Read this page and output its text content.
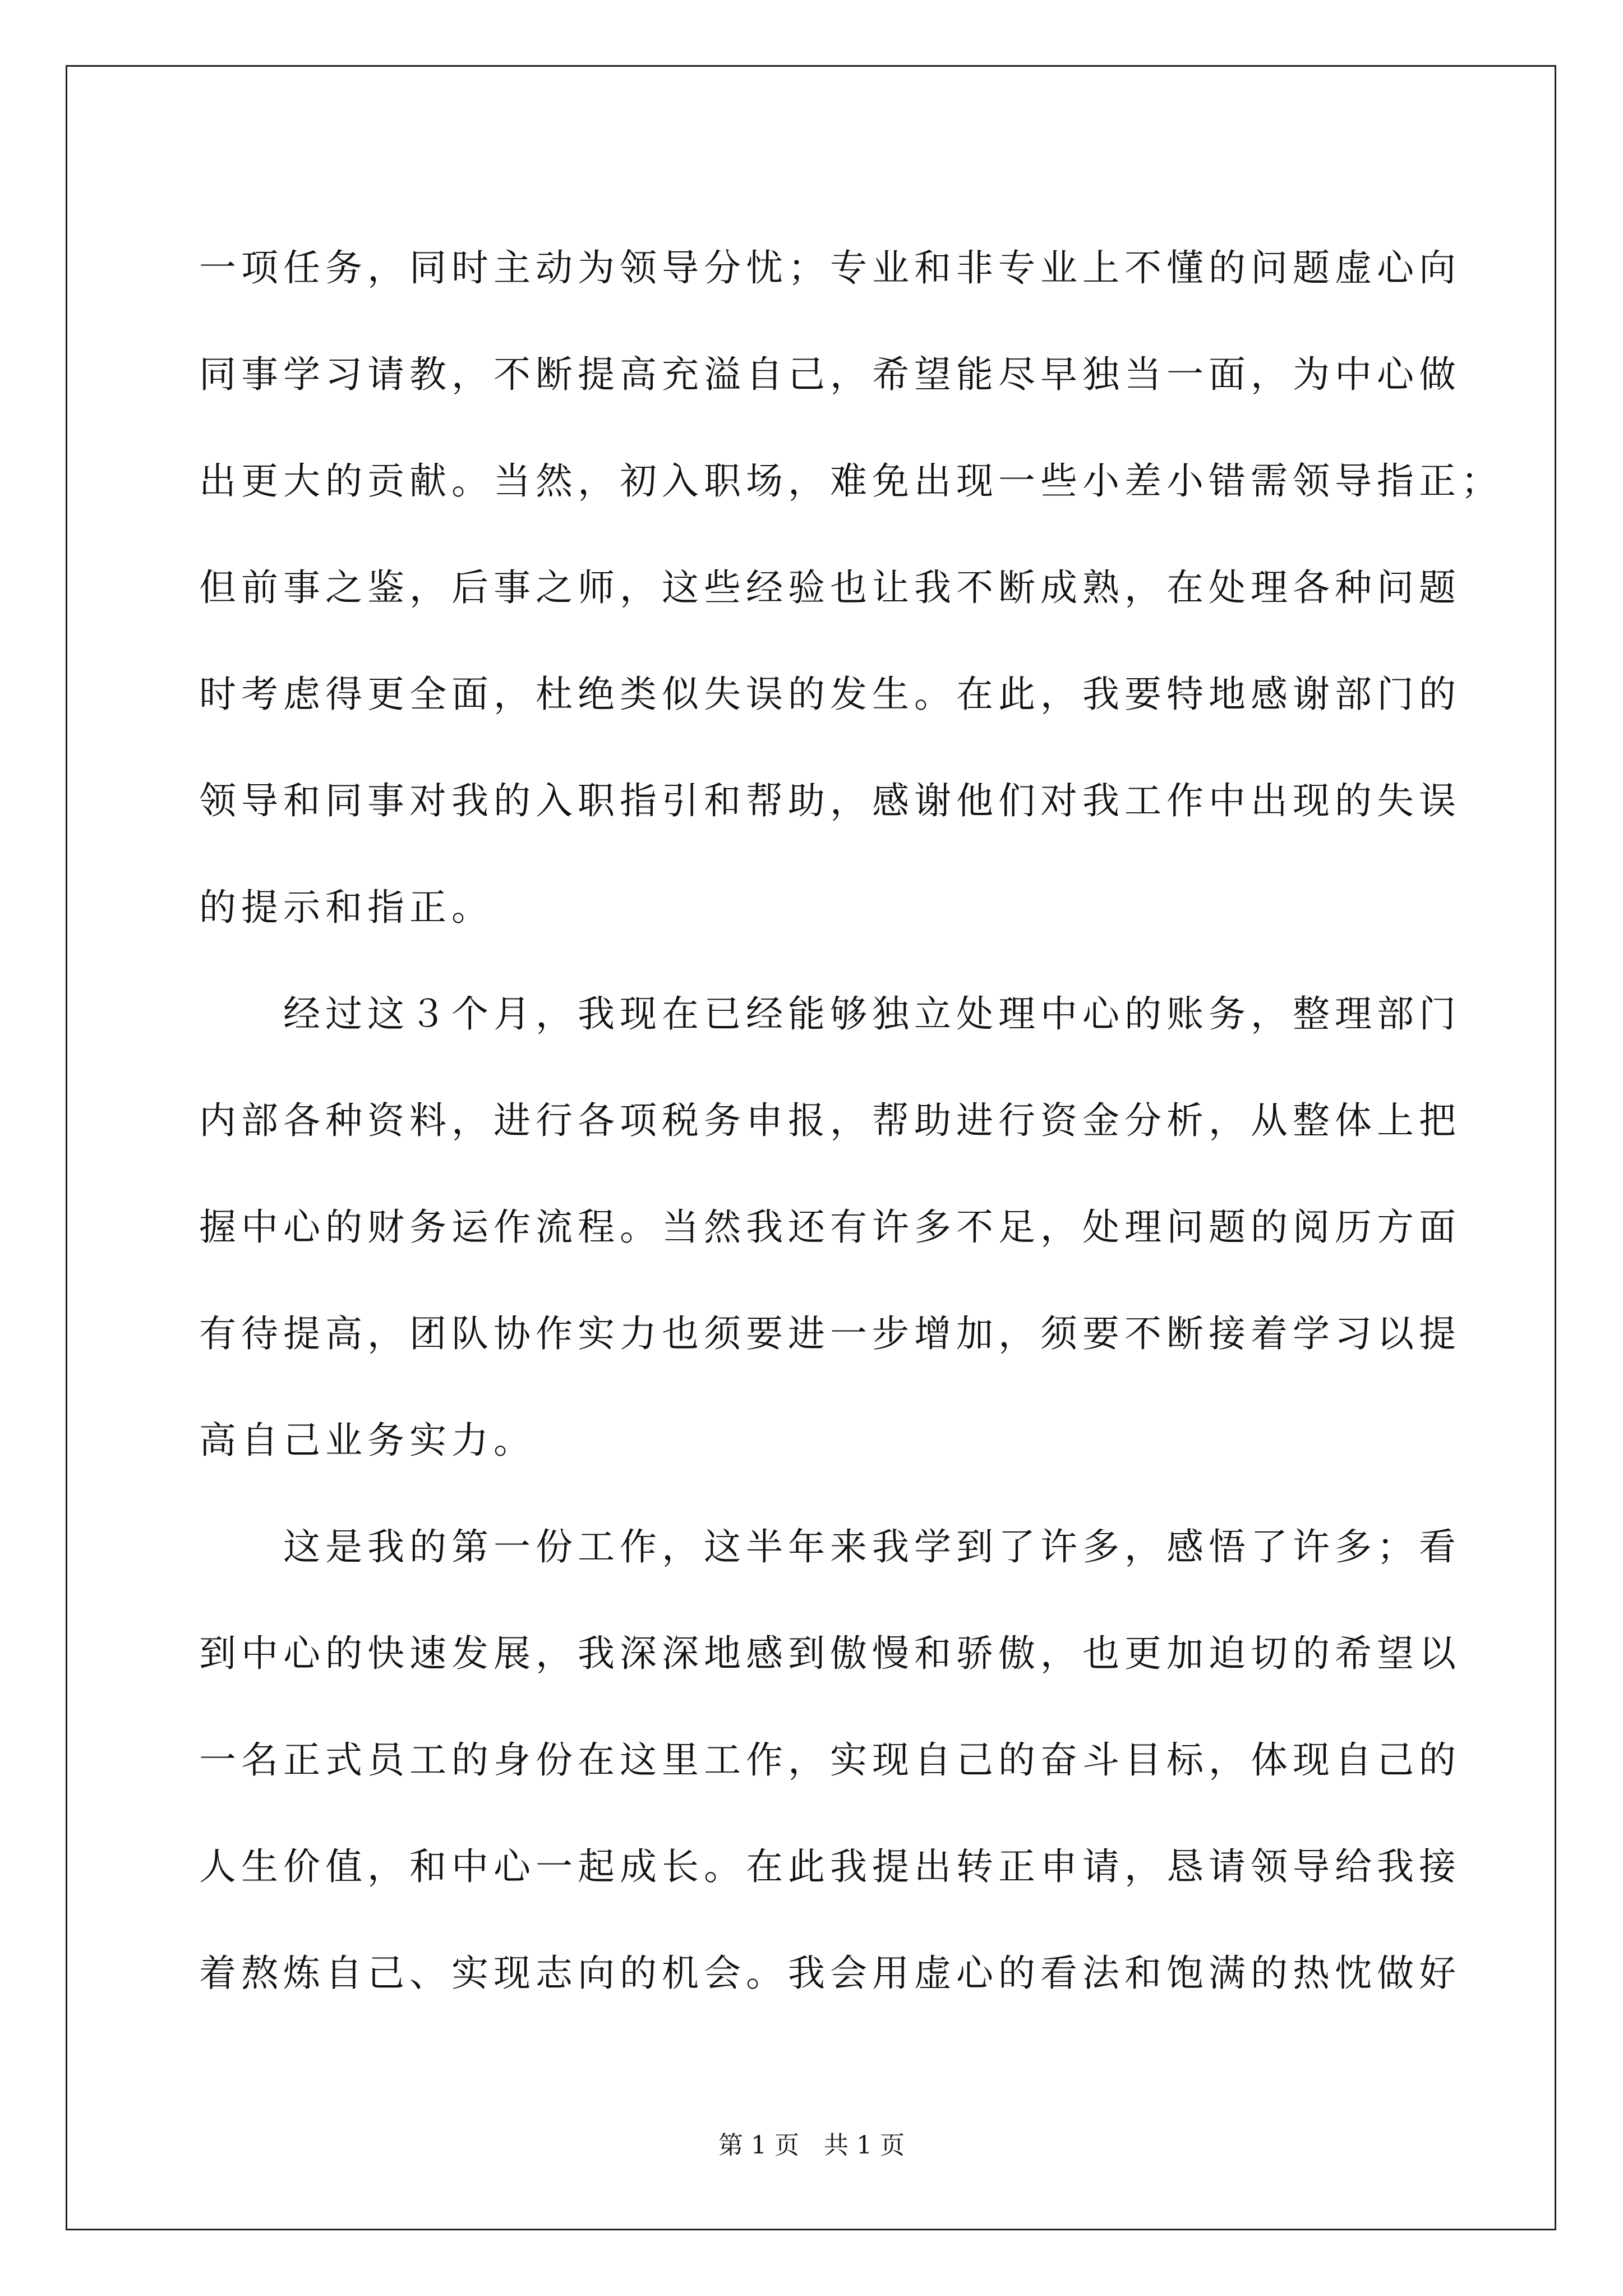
一项任务，同时主动为领导分忧；专业和非专业上不懂的问题虚心向
同事学习请教，不断提高充溢自己，希望能尽早独当一面，为中心做
出更大的贡献。当然，初入职场，难免出现一些小差小错需领导指正；
但前事之鉴，后事之师，这些经验也让我不断成熟，在处理各种问题
时考虑得更全面，杜绝类似失误的发生。在此，我要特地感谢部门的
领导和同事对我的入职指引和帮助，感谢他们对我工作中出现的失误
的提示和指正。
　　经过这３个月，我现在已经能够独立处理中心的账务，整理部门
内部各种资料，进行各项税务申报，帮助进行资金分析，从整体上把
握中心的财务运作流程。当然我还有许多不足，处理问题的阅历方面
有待提高，团队协作实力也须要进一步增加，须要不断接着学习以提
高自己业务实力。
　　这是我的第一份工作，这半年来我学到了许多，感悟了许多；看
到中心的快速发展，我深深地感到傲慢和骄傲，也更加迫切的希望以
一名正式员工的身份在这里工作，实现自己的奋斗目标，体现自己的
人生价值，和中心一起成长。在此我提出转正申请，恳请领导给我接
着熬炼自己、实现志向的机会。我会用虚心的看法和饱满的热忱做好
第 1 页　共 1 页
